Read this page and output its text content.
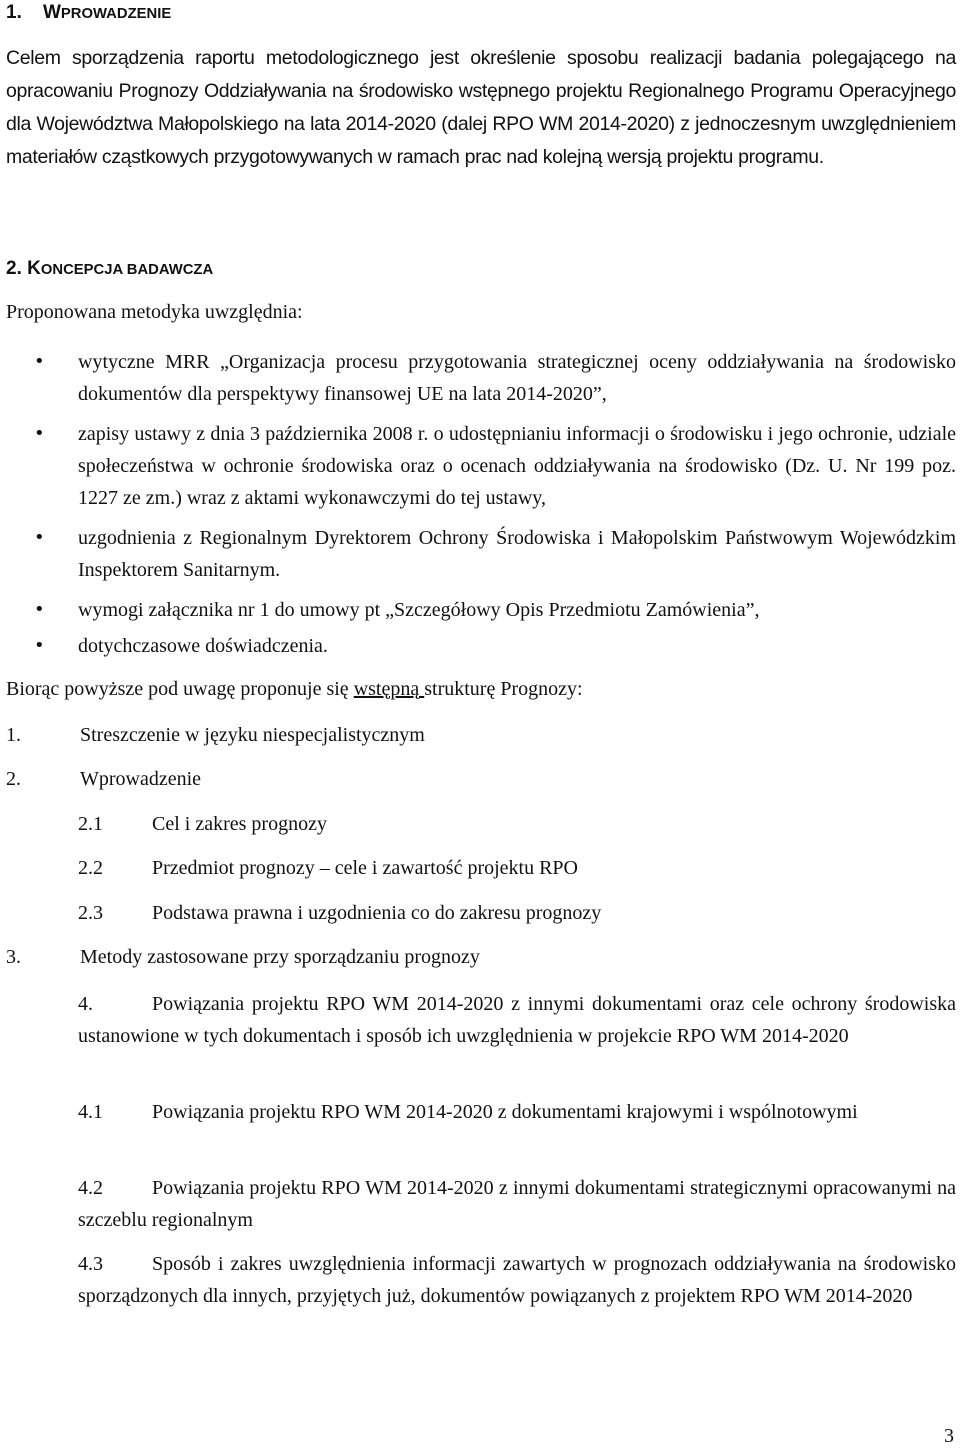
1. WPROWADZENIE
Celem sporządzenia raportu metodologicznego jest określenie sposobu realizacji badania polegającego na opracowaniu Prognozy Oddziaływania na środowisko wstępnego projektu Regionalnego Programu Operacyjnego dla Województwa Małopolskiego na lata 2014-2020 (dalej RPO WM 2014-2020) z jednoczesnym uwzględnieniem materiałów cząstkowych przygotowywanych w ramach prac nad kolejną wersją projektu programu.
2. KONCEPCJA BADAWCZA
Proponowana metodyka uwzględnia:
• wytyczne MRR „Organizacja procesu przygotowania strategicznej oceny oddziaływania na środowisko dokumentów dla perspektywy finansowej UE na lata 2014-2020”,
• zapisy ustawy z dnia 3 października 2008 r. o udostępnianiu informacji o środowisku i jego ochronie, udziale społeczeństwa w ochronie środowiska oraz o ocenach oddziaływania na środowisko (Dz. U. Nr 199 poz. 1227 ze zm.) wraz z aktami wykonawczymi do tej ustawy,
• uzgodnienia z Regionalnym Dyrektorem Ochrony Środowiska i Małopolskim Państwowym Wojewódzkim Inspektorem Sanitarnym.
• wymogi załącznika nr 1 do umowy pt „Szczegółowy Opis Przedmiotu Zamówienia”,
• dotychczasowe doświadczenia.
Biorąc powyższe pod uwagę proponuje się wstępną strukturę Prognozy:
1.	Streszczenie w języku niespecjalistycznym
2.	Wprowadzenie
2.1 Cel i zakres prognozy
2.2 Przedmiot prognozy – cele i zawartość projektu RPO
2.3 Podstawa prawna i uzgodnienia co do zakresu prognozy
3.	Metody zastosowane przy sporządzaniu prognozy
4.	Powiązania projektu RPO WM 2014-2020 z innymi dokumentami oraz cele ochrony środowiska ustanowione w tych dokumentach i sposób ich uwzględnienia w projekcie RPO WM 2014-2020
4.1 Powiązania projektu RPO WM 2014-2020 z dokumentami krajowymi i wspólnotowymi
4.2 Powiązania projektu RPO WM 2014-2020 z innymi dokumentami strategicznymi opracowanymi na szczeblu regionalnym
4.3 Sposób i zakres uwzględnienia informacji zawartych w prognozach oddziaływania na środowisko sporządzonych dla innych, przyjętych już, dokumentów powiązanych z projektem RPO WM 2014-2020
3
